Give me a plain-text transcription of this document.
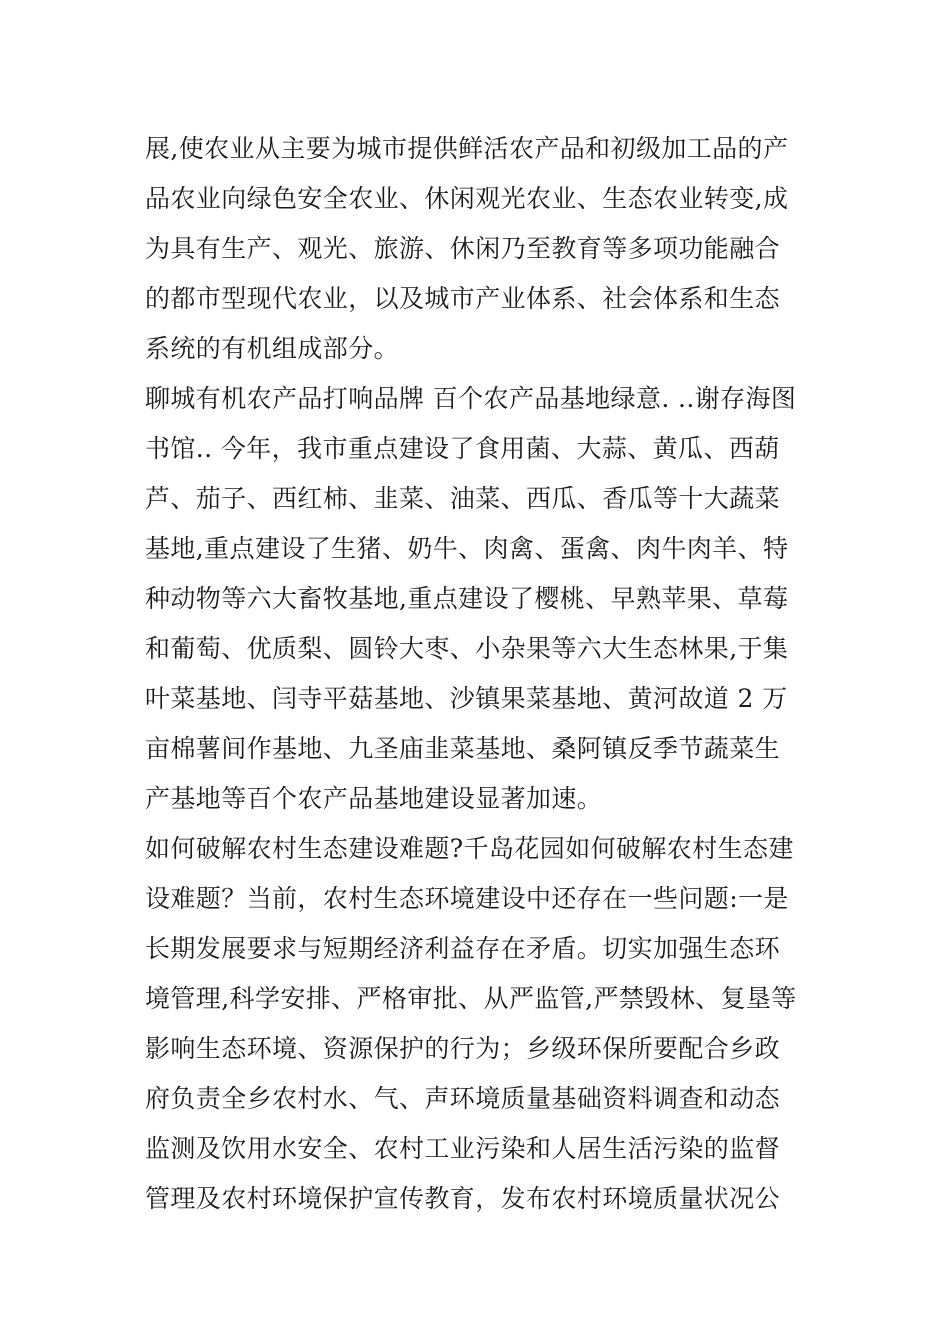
展,使农业从主要为城市提供鲜活农产品和初级加工品的产
品农业向绿色安全农业、休闲观光农业、生态农业转变,成
为具有生产、观光、旅游、休闲乃至教育等多项功能融合
的都市型现代农业，以及城市产业体系、社会体系和生态
系统的有机组成部分。
聊城有机农产品打响品牌 百个农产品基地绿意. ..谢存海图
书馆.. 今年，我市重点建设了食用菌、大蒜、黄瓜、西葫
芦、茄子、西红柿、韭菜、油菜、西瓜、香瓜等十大蔬菜
基地,重点建设了生猪、奶牛、肉禽、蛋禽、肉牛肉羊、特
种动物等六大畜牧基地,重点建设了樱桃、早熟苹果、草莓
和葡萄、优质梨、圆铃大枣、小杂果等六大生态林果,于集
叶菜基地、闫寺平菇基地、沙镇果菜基地、黄河故道 2 万
亩棉薯间作基地、九圣庙韭菜基地、桑阿镇反季节蔬菜生
产基地等百个农产品基地建设显著加速。
如何破解农村生态建设难题?千岛花园如何破解农村生态建
设难题？当前，农村生态环境建设中还存在一些问题:一是
长期发展要求与短期经济利益存在矛盾。切实加强生态环
境管理,科学安排、严格审批、从严监管,严禁毁林、复垦等
影响生态环境、资源保护的行为；乡级环保所要配合乡政
府负责全乡农村水、气、声环境质量基础资料调查和动态
监测及饮用水安全、农村工业污染和人居生活污染的监督
管理及农村环境保护宣传教育，发布农村环境质量状况公
